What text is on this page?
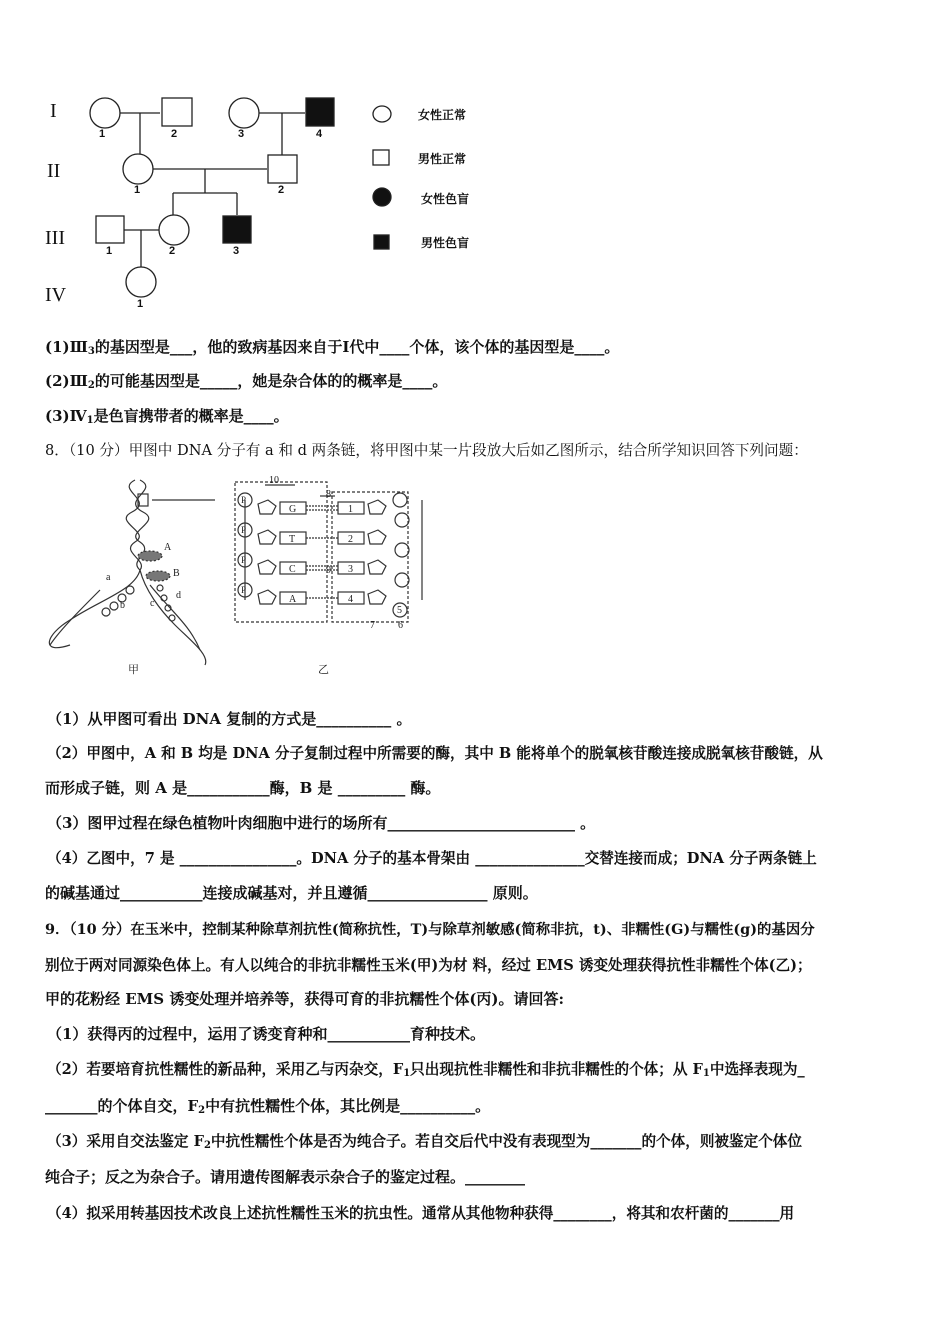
I
II
III
IV
1	2	3	4
1	2
1	2	3
1
女性正常
男性正常
女性色盲
男性色盲
(1)Ⅲ3的基因型是___，他的致病基因来自于Ⅰ代中____个体，该个体的基因型是____。
(2)Ⅲ2的可能基因型是_____，她是杂合体的的概率是____。
(3)Ⅳ1是色盲携带者的概率是____。
8．（10 分）甲图中 DNA 分子有 a 和 d 两条链，将甲图中某一片段放大后如乙图所示，结合所学知识回答下列问题：
A
B
a
b	c
d
10
8
9
7
5
6
P
P
P
P
G
T
C
A
1
2
3
4
甲	乙
（1）从甲图可看出 DNA 复制的方式是__________ 。
（2）甲图中，A 和 B 均是 DNA 分子复制过程中所需要的酶，其中 B 能将单个的脱氧核苷酸连接成脱氧核苷酸链，从
而形成子链，则 A 是___________酶，B 是 _________ 酶。
（3）图甲过程在绿色植物叶肉细胞中进行的场所有_________________________ 。
（4）乙图中，7 是 ________________。DNA 分子的基本骨架由 _______________交替连接而成；DNA 分子两条链上
的碱基通过___________连接成碱基对，并且遵循________________ 原则。
9．（10 分）在玉米中，控制某种除草剂抗性(简称抗性，T)与除草剂敏感(简称非抗，t)、非糯性(G)与糯性(g)的基因分
别位于两对同源染色体上。有人以纯合的非抗非糯性玉米(甲)为材 料，经过 EMS 诱变处理获得抗性非糯性个体(乙)；
甲的花粉经 EMS 诱变处理并培养等，获得可育的非抗糯性个体(丙)。请回答:
（1）获得丙的过程中，运用了诱变育种和___________育种技术。
（2）若要培育抗性糯性的新品种，采用乙与丙杂交，F1只出现抗性非糯性和非抗非糯性的个体；从 F1中选择表现为_
_______的个体自交，F2中有抗性糯性个体，其比例是__________。
（3）采用自交法鉴定 F2中抗性糯性个体是否为纯合子。若自交后代中没有表现型为_______的个体，则被鉴定个体位
纯合子；反之为杂合子。请用遗传图解表示杂合子的鉴定过程。________
（4）拟采用转基因技术改良上述抗性糯性玉米的抗虫性。通常从其他物种获得________，将其和农杆菌的_______用
